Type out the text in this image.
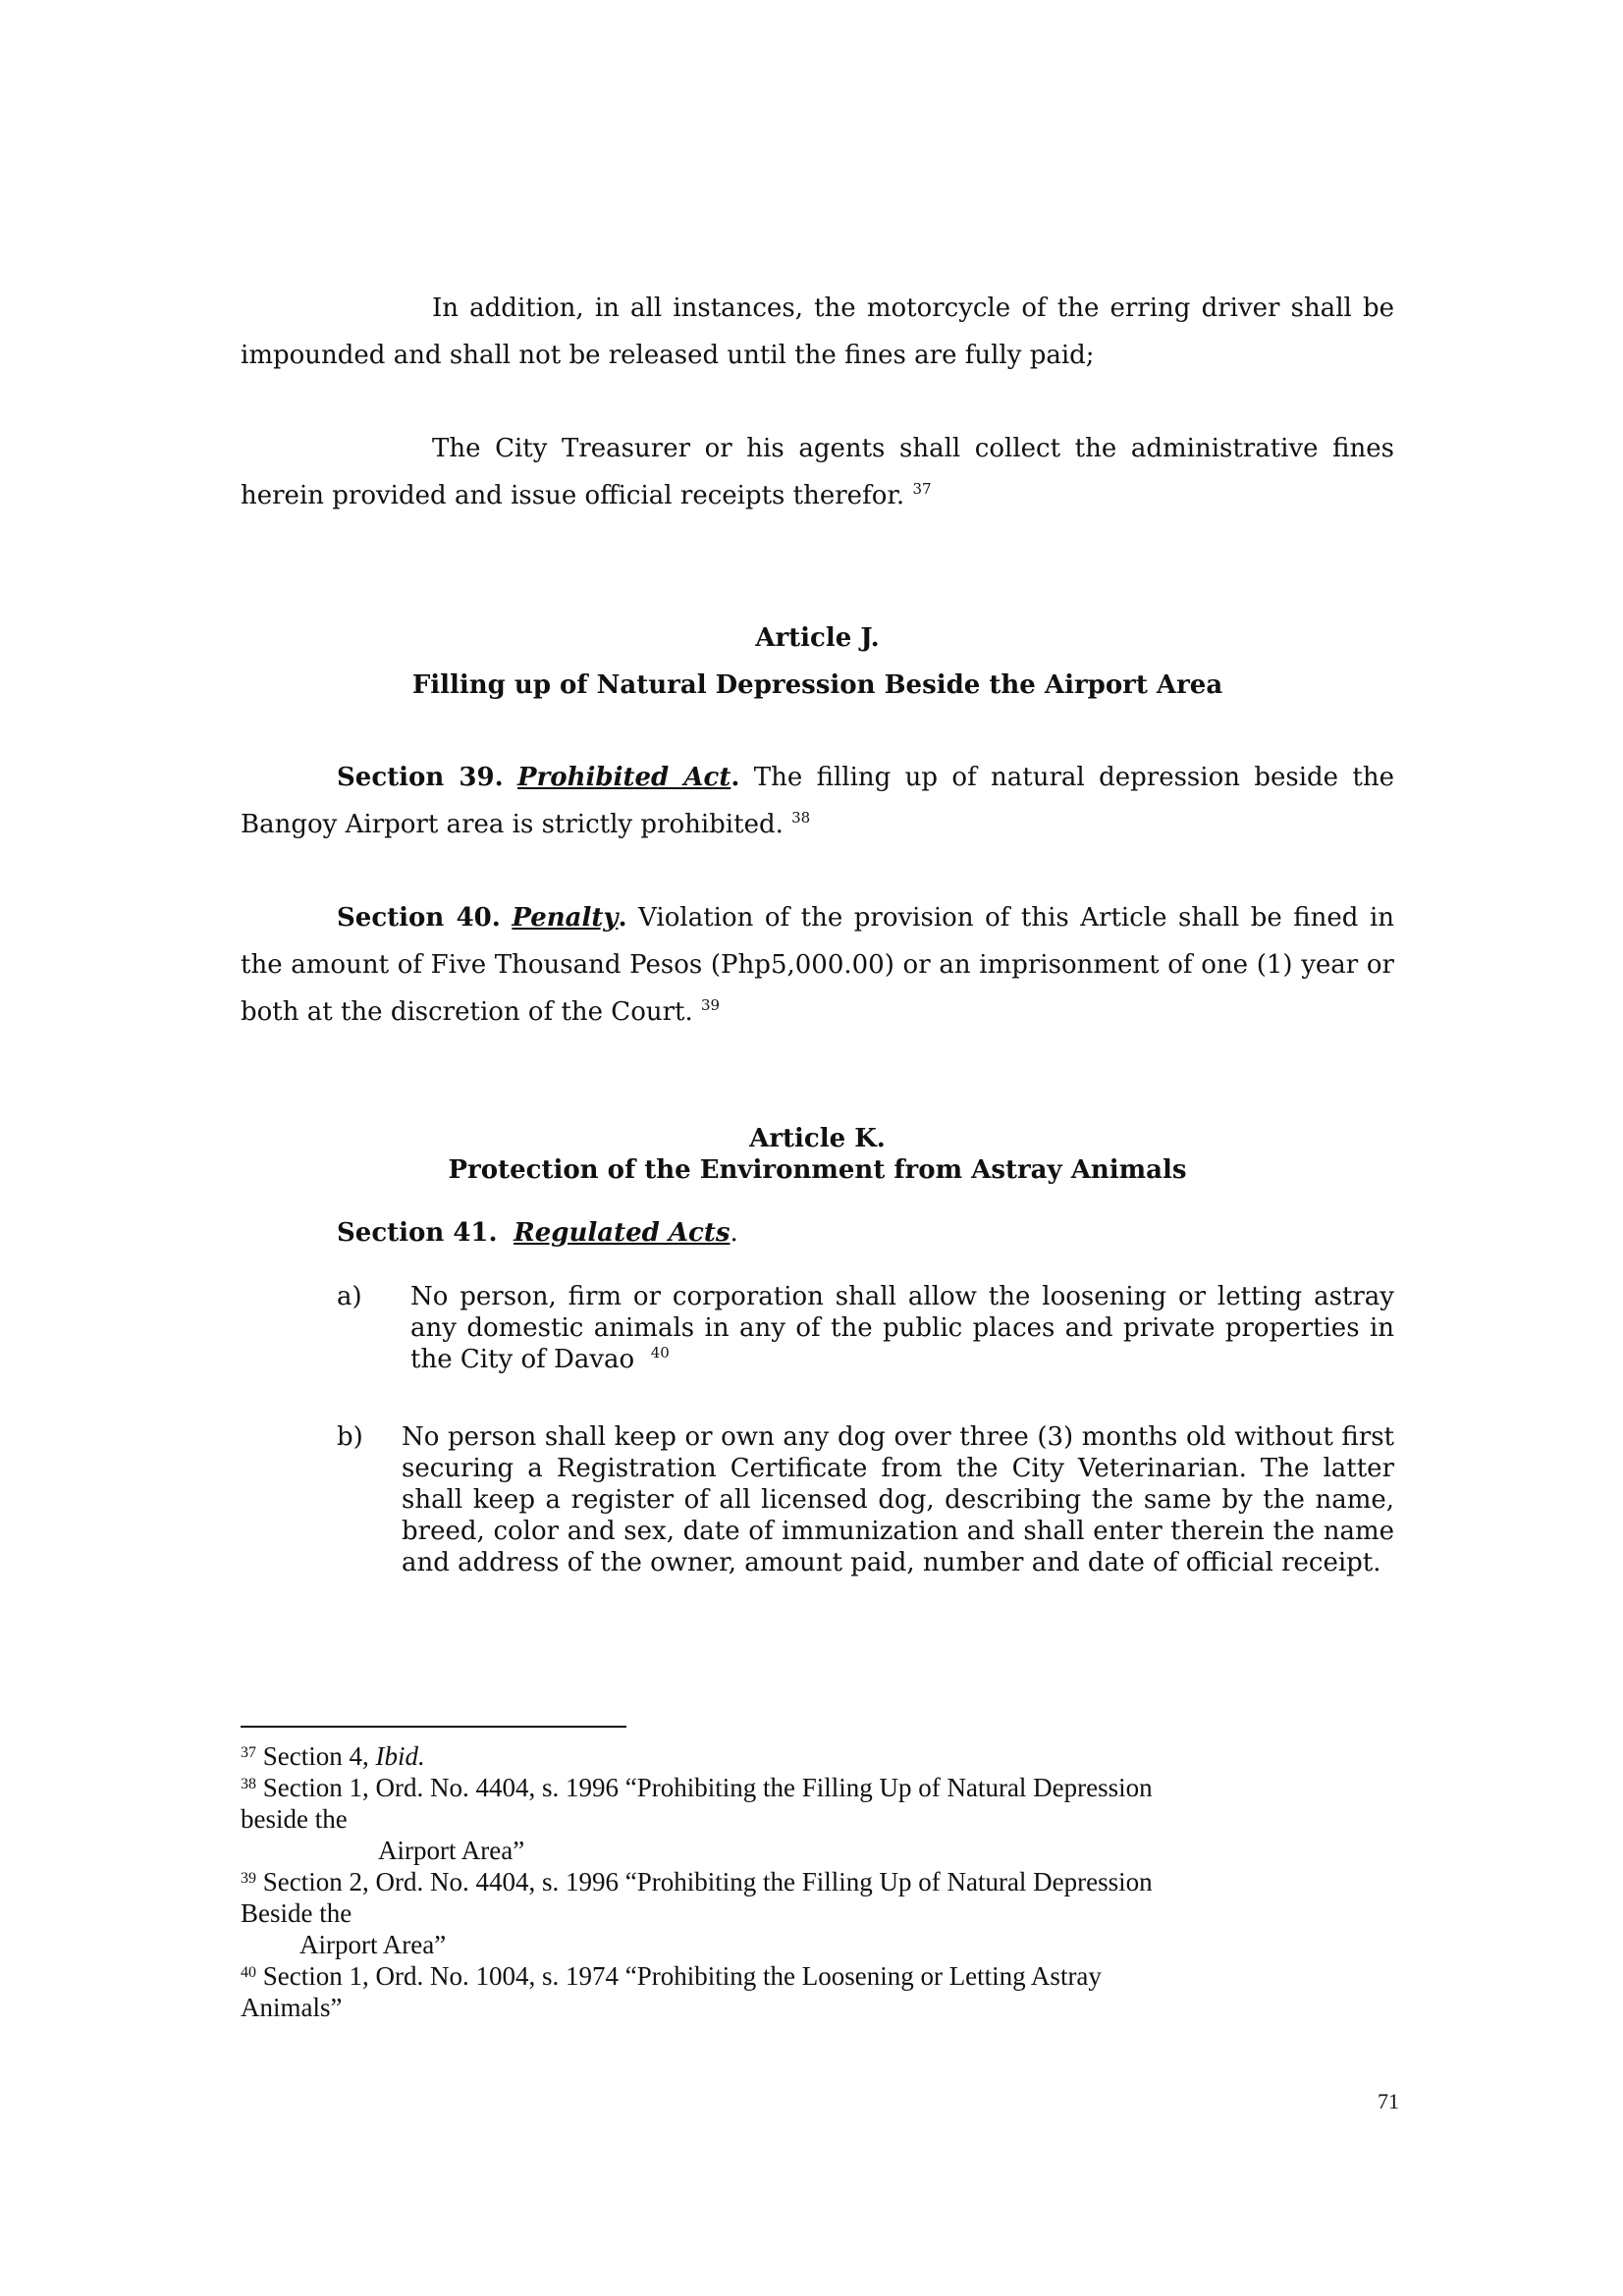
In addition, in all instances, the motorcycle of the erring driver shall be impounded and shall not be released until the fines are fully paid;

The City Treasurer or his agents shall collect the administrative fines herein provided and issue official receipts therefor. $^{37}$

Article J.
Filling up of Natural Depression Beside the Airport Area

Section 39. Prohibited Act. The filling up of natural depression beside the Bangoy Airport area is strictly prohibited. $^{38}$

Section 40. Penalty. Violation of the provision of this Article shall be fined in the amount of Five Thousand Pesos (Php5,000.00) or an imprisonment of one (1) year or both at the discretion of the Court. $^{39}$

Article K.
Protection of the Environment from Astray Animals

Section 41. Regulated Acts.

a) No person, firm or corporation shall allow the loosening or letting astray any domestic animals in any of the public places and private properties in the City of Davao $^{40}$

b) No person shall keep or own any dog over three (3) months old without first securing a Registration Certificate from the City Veterinarian. The latter shall keep a register of all licensed dog, describing the same by the name, breed, color and sex, date of immunization and shall enter therein the name and address of the owner, amount paid, number and date of official receipt.

$^{37}$ Section 4, Ibid.
$^{38}$ Section 1, Ord. No. 4404, s. 1996 “Prohibiting the Filling Up of Natural Depression
beside the
Airport Area”
$^{39}$ Section 2, Ord. No. 4404, s. 1996 “Prohibiting the Filling Up of Natural Depression
Beside the
Airport Area”
$^{40}$ Section 1, Ord. No. 1004, s. 1974 “Prohibiting the Loosening or Letting Astray
Animals”
71
